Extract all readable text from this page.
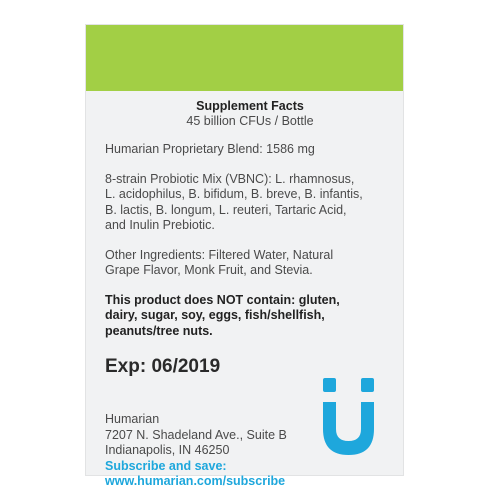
Supplement Facts
45 billion CFUs / Bottle

Humarian Proprietary Blend: 1586 mg

8-strain Probiotic Mix (VBNC): L. rhamnosus,

L. acidophilus, B. bifidum, B. breve, B. infantis,

B. lactis, B. longum, L. reuteri, Tartaric Acid,

and Inulin Prebiotic.

Other Ingredients: Filtered Water, Natural

Grape Flavor, Monk Fruit, and Stevia.

This product does NOT contain: gluten,

dairy, sugar, soy, eggs, fish/shellfish,

peanuts/tree nuts.

Exp: 06/2019

Humarian

7207 N. Shadeland Ave., Suite B

Indianapolis, IN 46250

Subscribe and save:

www.humarian.com/subscribe
